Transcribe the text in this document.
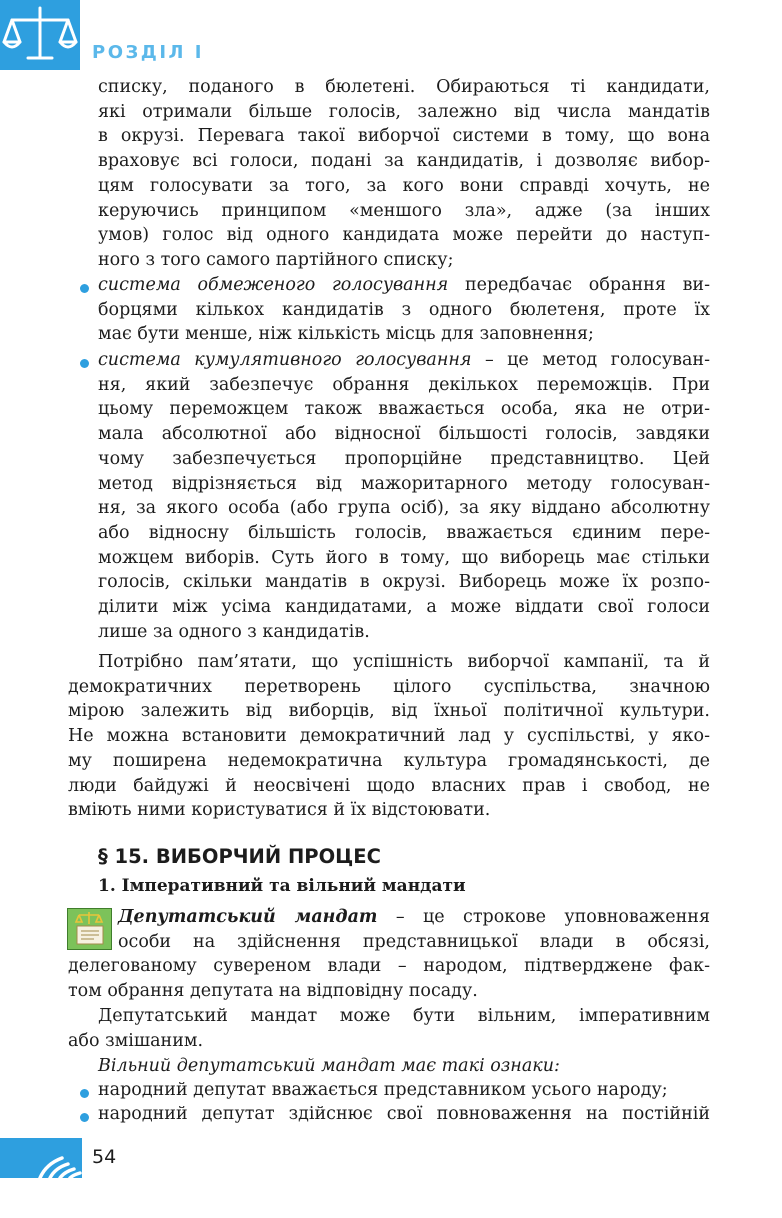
РОЗДІЛ І
списку, поданого в бюлетені. Обираються ті кандидати,
які отримали більше голосів, залежно від числа мандатів
в окрузі. Перевага такої виборчої системи в тому, що вона
враховує всі голоси, подані за кандидатів, і дозволяє вибор-
цям голосувати за того, за кого вони справді хочуть, не
керуючись принципом «меншого зла», адже (за інших
умов) голос від одного кандидата може перейти до наступ-
ного з того самого партійного списку;
система обмеженого голосування передбачає обрання ви-
борцями кількох кандидатів з одного бюлетеня, проте їх
має бути менше, ніж кількість місць для заповнення;
система кумулятивного голосування – це метод голосуван-
ня, який забезпечує обрання декількох переможців. При
цьому переможцем також вважається особа, яка не отри-
мала абсолютної або відносної більшості голосів, завдяки
чому забезпечується пропорційне представництво. Цей
метод відрізняється від мажоритарного методу голосуван-
ня, за якого особа (або група осіб), за яку віддано абсолютну
або відносну більшість голосів, вважається єдиним пере-
можцем виборів. Суть його в тому, що виборець має стільки
голосів, скільки мандатів в окрузі. Виборець може їх розпо-
ділити між усіма кандидатами, а може віддати свої голоси
лише за одного з кандидатів.
Потрібно пам’ятати, що успішність виборчої кампанії, та й
демократичних перетворень цілого суспільства, значною
мірою залежить від виборців, від їхньої політичної культури.
Не можна встановити демократичний лад у суспільстві, у яко-
му поширена недемократична культура громадянськості, де
люди байдужі й неосвічені щодо власних прав і свобод, не
вміють ними користуватися й їх відстоювати.
§ 15. ВИБОРЧИЙ ПРОЦЕС
1. Імперативний та вільний мандати
Депутатський мандат – це строкове уповноваження
особи на здійснення представницької влади в обсязі,
делегованому сувереном влади – народом, підтверджене фак-
том обрання депутата на відповідну посаду.
Депутатський мандат може бути вільним, імперативним
або змішаним.
Вільний депутатський мандат має такі ознаки:
народний депутат вважається представником усього народу;
народний депутат здійснює свої повноваження на постійній
54
